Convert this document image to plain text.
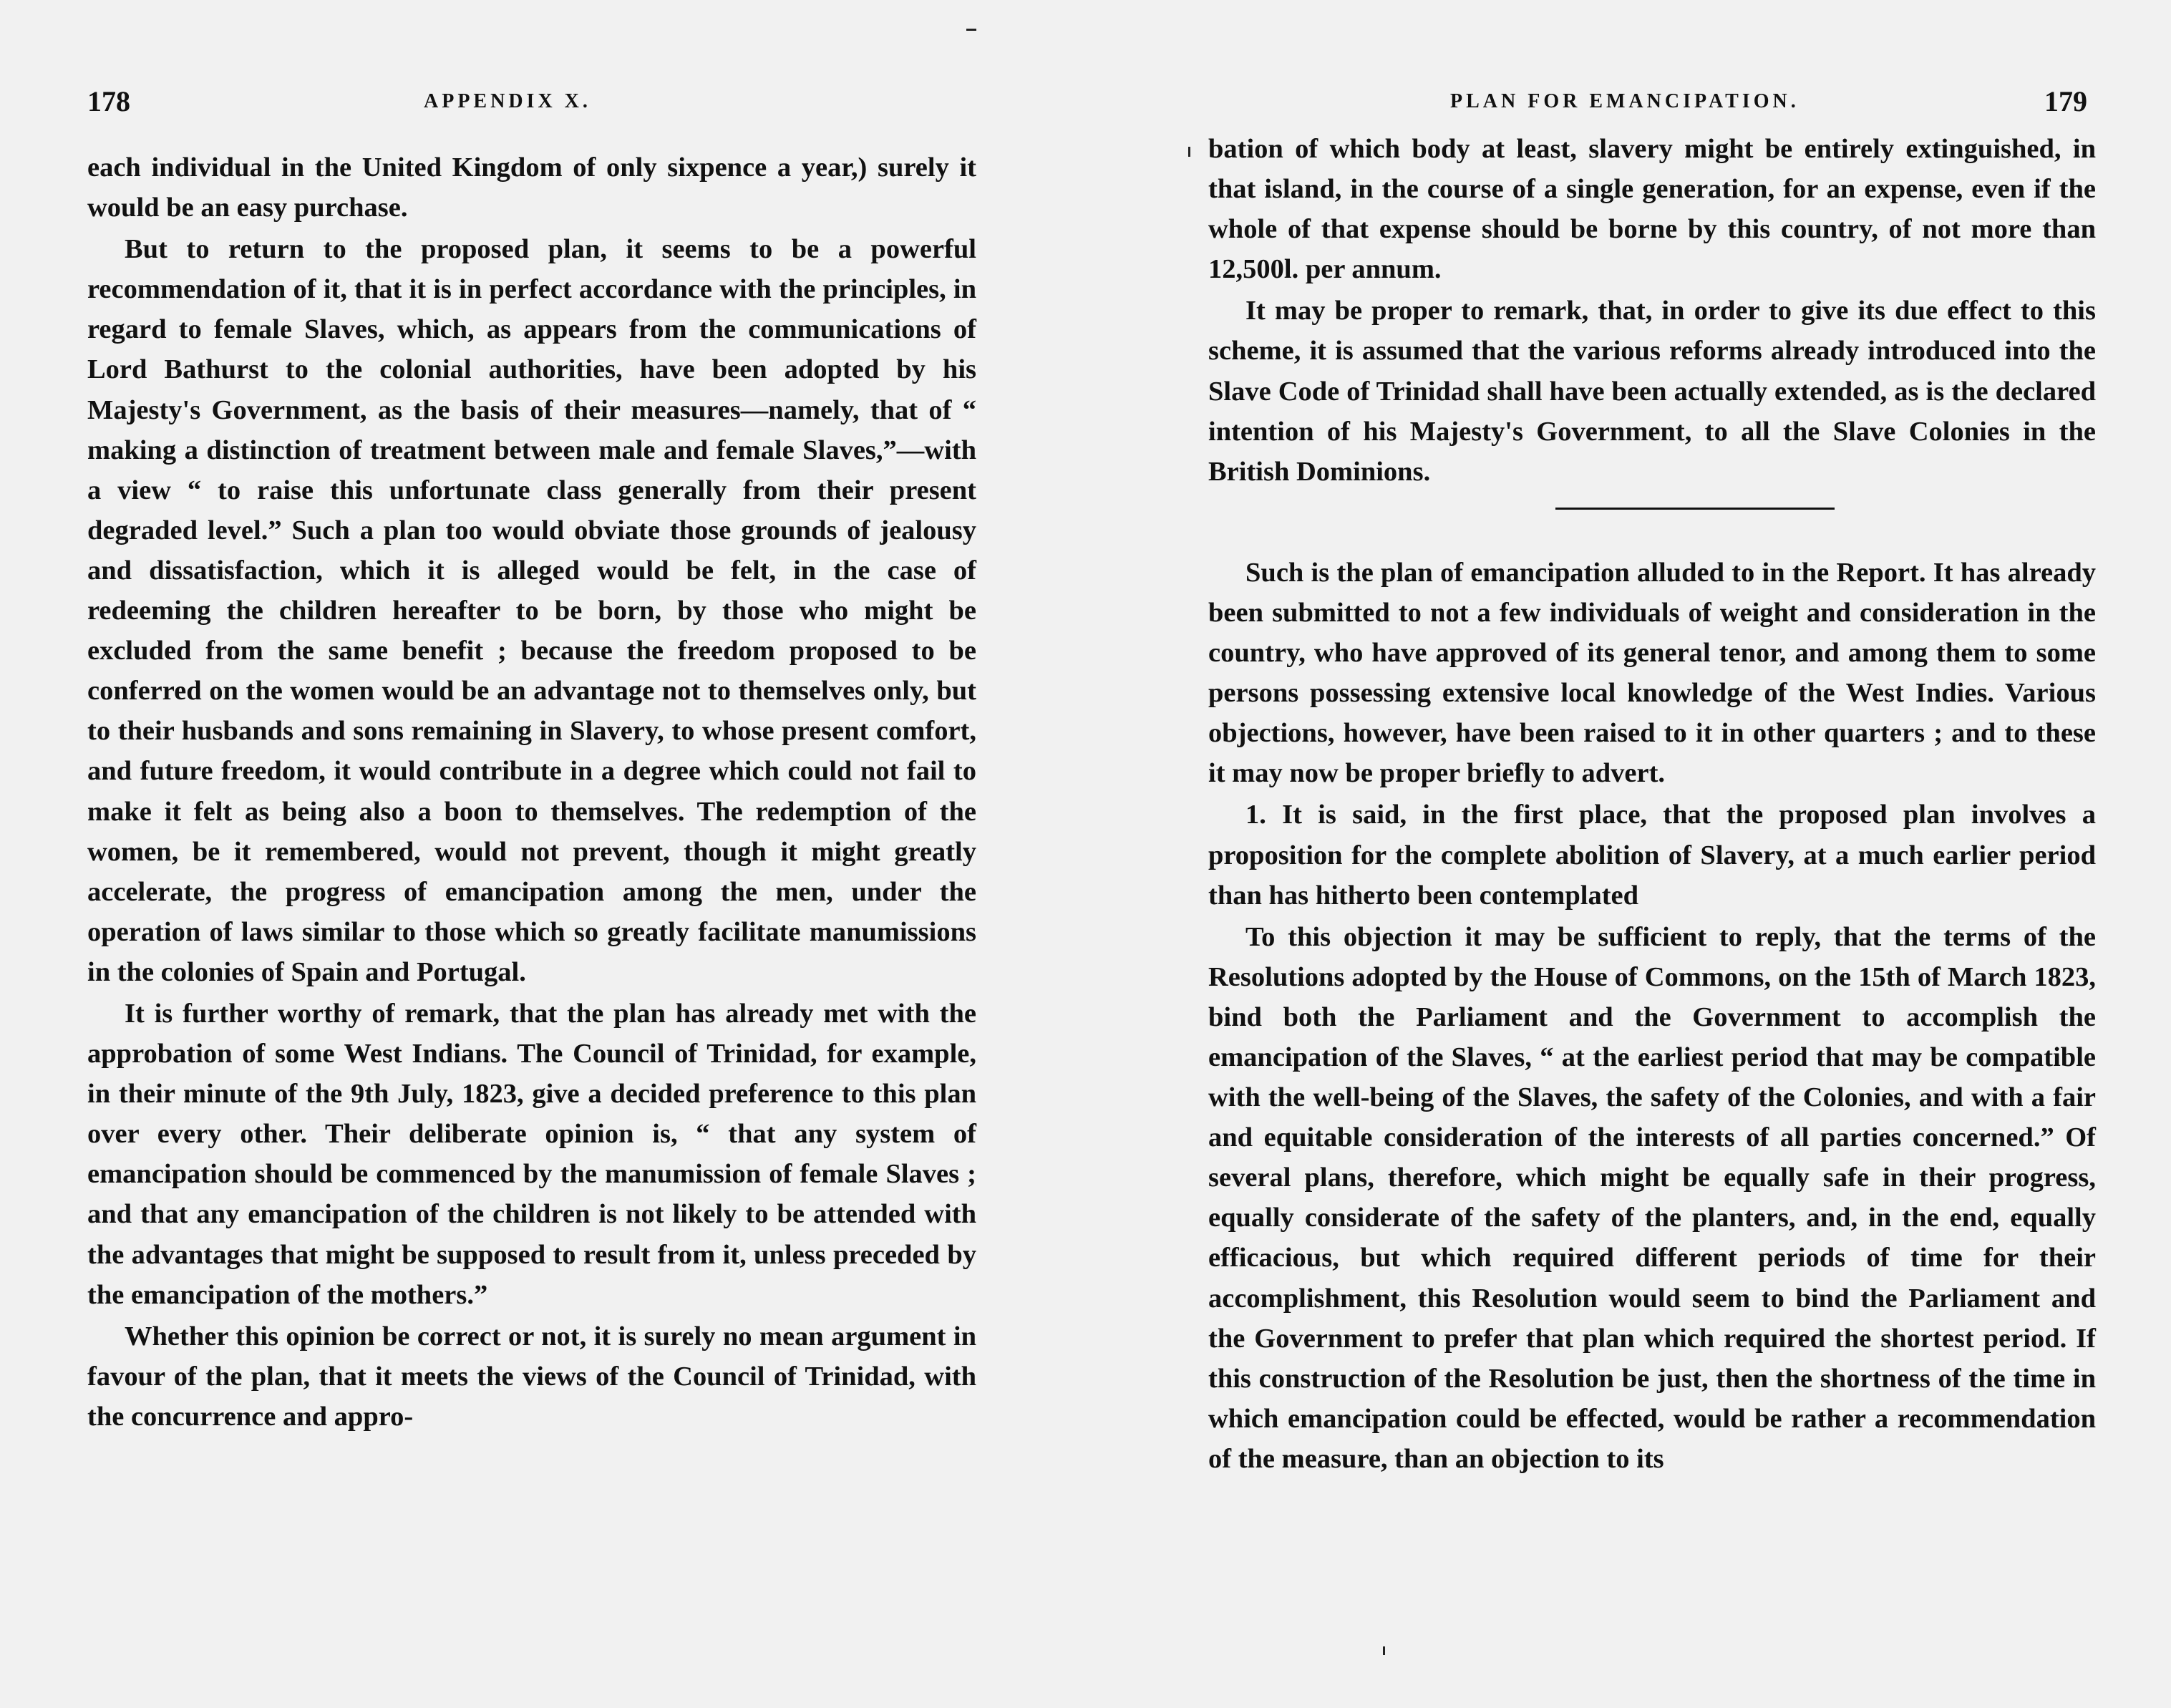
178	APPENDIX X.

each individual in the United Kingdom of only sixpence a year,) surely it would be an easy purchase.

But to return to the proposed plan, it seems to be a powerful recommendation of it, that it is in perfect accordance with the principles, in regard to female Slaves, which, as appears from the communications of Lord Bathurst to the colonial authorities, have been adopted by his Majesty's Government, as the basis of their measures—namely, that of “ making a distinction of treatment between male and female Slaves,”—with a view “ to raise this unfortunate class generally from their present degraded level.” Such a plan too would obviate those grounds of jealousy and dissatisfaction, which it is alleged would be felt, in the case of redeeming the children hereafter to be born, by those who might be excluded from the same benefit ; because the freedom proposed to be conferred on the women would be an advantage not to themselves only, but to their husbands and sons remaining in Slavery, to whose present comfort, and future freedom, it would contribute in a degree which could not fail to make it felt as being also a boon to themselves. The redemption of the women, be it remembered, would not prevent, though it might greatly accelerate, the progress of emancipation among the men, under the operation of laws similar to those which so greatly facilitate manumissions in the colonies of Spain and Portugal.

It is further worthy of remark, that the plan has already met with the approbation of some West Indians. The Council of Trinidad, for example, in their minute of the 9th July, 1823, give a decided preference to this plan over every other. Their deliberate opinion is, “ that any system of emancipation should be commenced by the manumission of female Slaves ; and that any emancipation of the children is not likely to be attended with the advantages that might be supposed to result from it, unless preceded by the emancipation of the mothers.”

Whether this opinion be correct or not, it is surely no mean argument in favour of the plan, that it meets the views of the Council of Trinidad, with the concurrence and appro-

PLAN FOR EMANCIPATION.	179

bation of which body at least, slavery might be entirely extinguished, in that island, in the course of a single generation, for an expense, even if the whole of that expense should be borne by this country, of not more than 12,500l. per annum.

It may be proper to remark, that, in order to give its due effect to this scheme, it is assumed that the various reforms already introduced into the Slave Code of Trinidad shall have been actually extended, as is the declared intention of his Majesty's Government, to all the Slave Colonies in the British Dominions.

Such is the plan of emancipation alluded to in the Report. It has already been submitted to not a few individuals of weight and consideration in the country, who have approved of its general tenor, and among them to some persons possessing extensive local knowledge of the West Indies. Various objections, however, have been raised to it in other quarters ; and to these it may now be proper briefly to advert.

1. It is said, in the first place, that the proposed plan involves a proposition for the complete abolition of Slavery, at a much earlier period than has hitherto been contemplated

To this objection it may be sufficient to reply, that the terms of the Resolutions adopted by the House of Commons, on the 15th of March 1823, bind both the Parliament and the Government to accomplish the emancipation of the Slaves, “ at the earliest period that may be compatible with the well-being of the Slaves, the safety of the Colonies, and with a fair and equitable consideration of the interests of all parties concerned.” Of several plans, therefore, which might be equally safe in their progress, equally considerate of the safety of the planters, and, in the end, equally efficacious, but which required different periods of time for their accomplishment, this Resolution would seem to bind the Parliament and the Government to prefer that plan which required the shortest period. If this construction of the Resolution be just, then the shortness of the time in which emancipation could be effected, would be rather a recommendation of the measure, than an objection to its
